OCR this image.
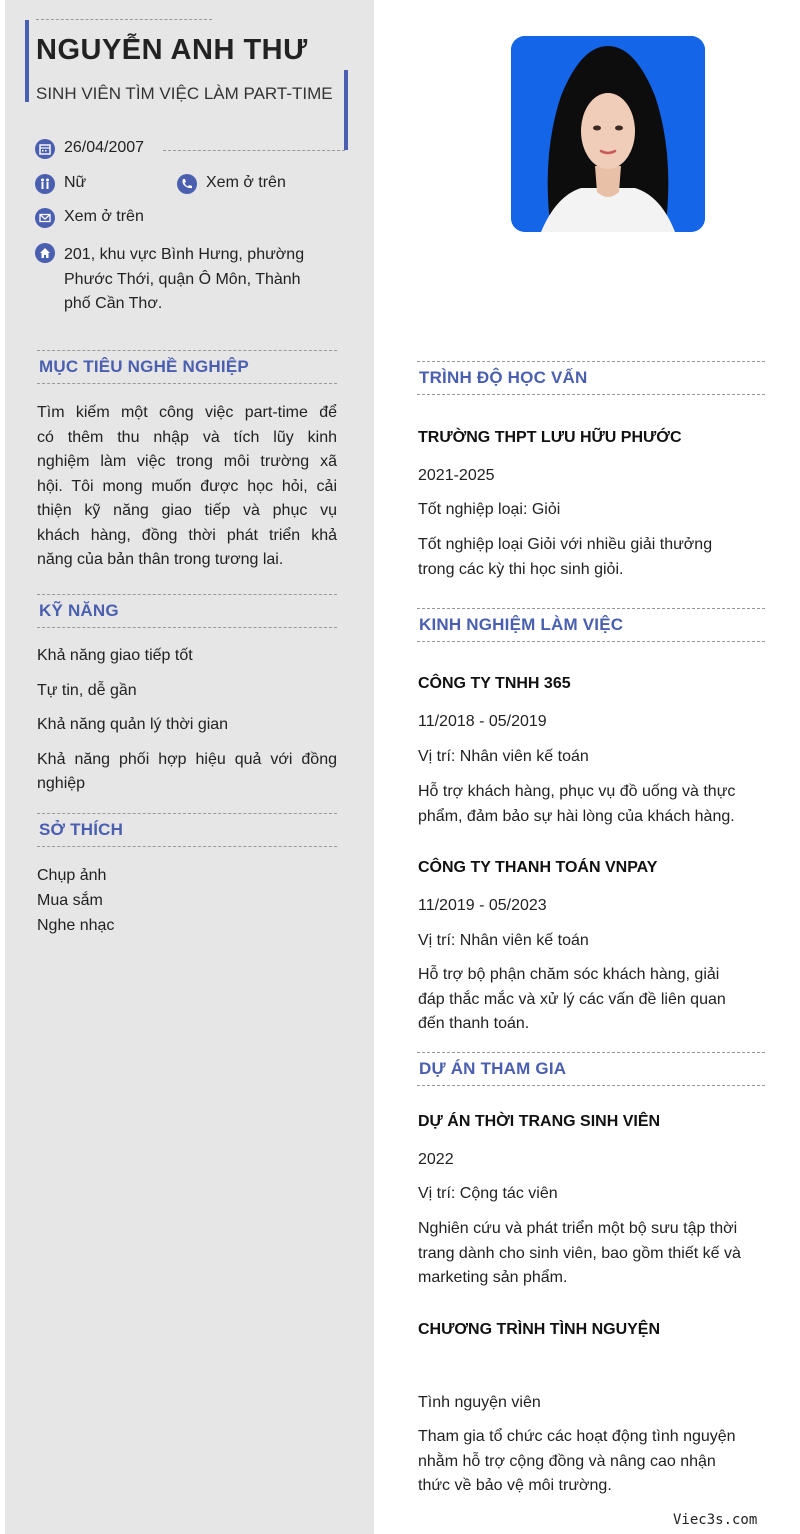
NGUYỄN ANH THƯ
SINH VIÊN TÌM VIỆC LÀM PART-TIME
26/04/2007
Nữ	Xem ở trên
Xem ở trên
201, khu vực Bình Hưng, phường
Phước Thới, quận Ô Môn, Thành
phố Cần Thơ.
MỤC TIÊU NGHỀ NGHIỆP
Tìm kiếm một công việc part-time để
có thêm thu nhập và tích lũy kinh
nghiệm làm việc trong môi trường xã
hội. Tôi mong muốn được học hỏi, cải
thiện kỹ năng giao tiếp và phục vụ
khách hàng, đồng thời phát triển khả
năng của bản thân trong tương lai.
KỸ NĂNG
Khả năng giao tiếp tốt
Tự tin, dễ gần
Khả năng quản lý thời gian
Khả năng phối hợp hiệu quả với đồng
nghiệp
SỞ THÍCH
Chụp ảnh
Mua sắm
Nghe nhạc
TRÌNH ĐỘ HỌC VẤN
TRƯỜNG THPT LƯU HỮU PHƯỚC
2021-2025
Tốt nghiệp loại: Giỏi
Tốt nghiệp loại Giỏi với nhiều giải thưởng
trong các kỳ thi học sinh giỏi.
KINH NGHIỆM LÀM VIỆC
CÔNG TY TNHH 365
11/2018 - 05/2019
Vị trí: Nhân viên kế toán
Hỗ trợ khách hàng, phục vụ đồ uống và thực
phẩm, đảm bảo sự hài lòng của khách hàng.
CÔNG TY THANH TOÁN VNPAY
11/2019 - 05/2023
Vị trí: Nhân viên kế toán
Hỗ trợ bộ phận chăm sóc khách hàng, giải
đáp thắc mắc và xử lý các vấn đề liên quan
đến thanh toán.
DỰ ÁN THAM GIA
DỰ ÁN THỜI TRANG SINH VIÊN
2022
Vị trí: Cộng tác viên
Nghiên cứu và phát triển một bộ sưu tập thời
trang dành cho sinh viên, bao gồm thiết kế và
marketing sản phẩm.
CHƯƠNG TRÌNH TÌNH NGUYỆN
Tình nguyện viên
Tham gia tổ chức các hoạt động tình nguyện
nhằm hỗ trợ cộng đồng và nâng cao nhận
thức về bảo vệ môi trường.
Viec3s.com
